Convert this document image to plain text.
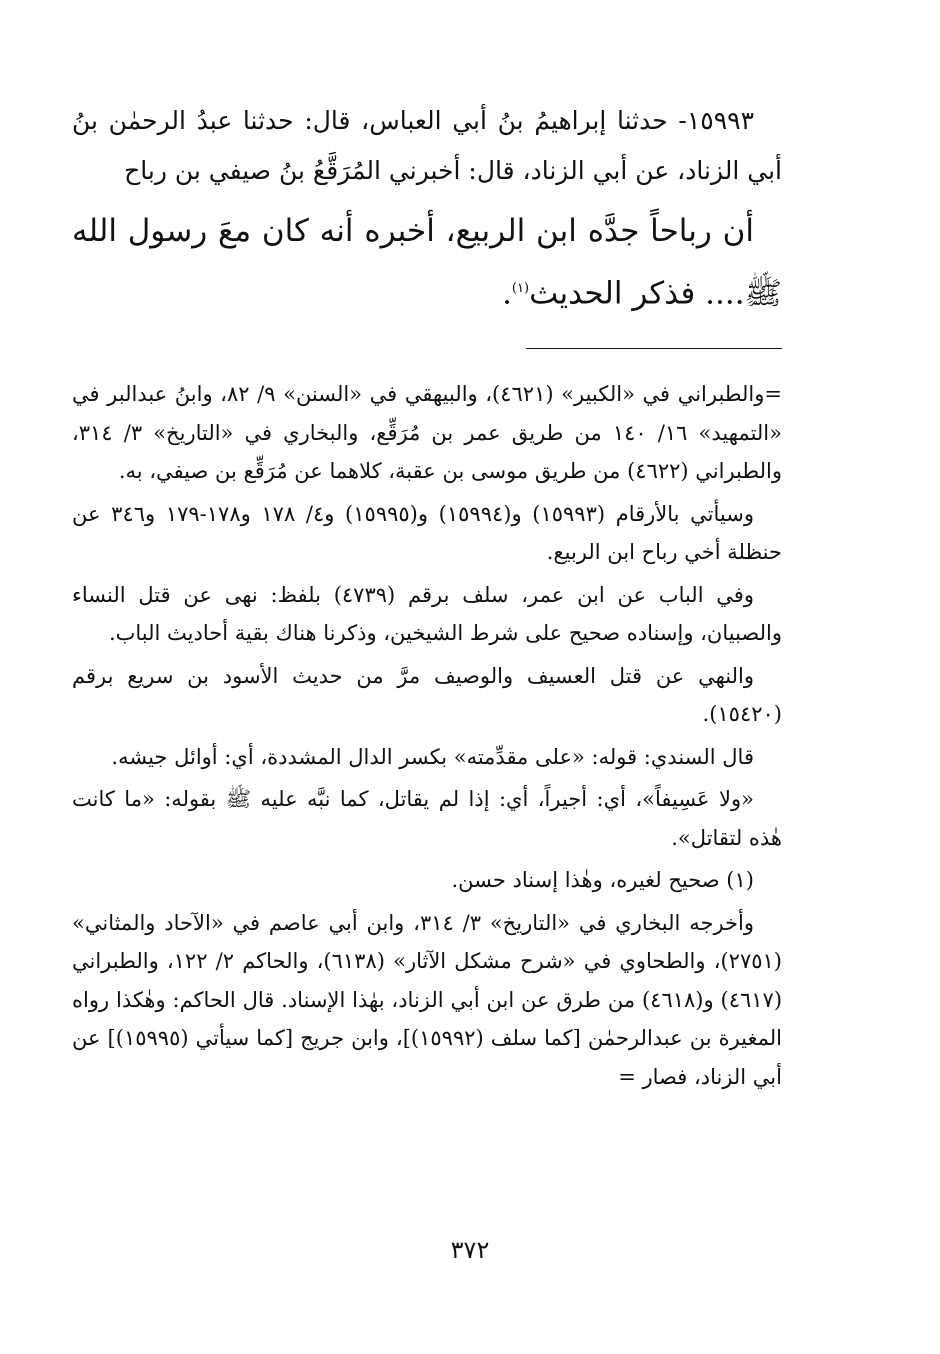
١٥٩٩٣- حدثنا إبراهيمُ بنُ أبي العباس، قال: حدثنا عبدُ الرحمٰن بنُ أبي الزناد، عن أبي الزناد، قال: أخبرني المُرَقَّعُ بنُ صيفي بن رباح

أن رباحاً جدَّه ابن الربيع، أخبره أنه كان معَ رسول الله ﷺ.... فذكر الحديث$^{(١)}$.

=والطبراني في «الكبير» (٤٦٢١)، والبيهقي في «السنن» ٩/ ٨٢، وابنُ عبدالبر في «التمهيد» ١٦/ ١٤٠ من طريق عمر بن مُرَقِّع، والبخاري في «التاريخ» ٣/ ٣١٤، والطبراني (٤٦٢٢) من طريق موسى بن عقبة، كلاهما عن مُرَقِّع بن صيفي، به.

وسيأتي بالأرقام (١٥٩٩٣) و(١٥٩٩٤) و(١٥٩٩٥) و٤/ ١٧٨ و١٧٨-١٧٩ و٣٤٦ عن حنظلة أخي رباح ابن الربيع.

وفي الباب عن ابن عمر، سلف برقم (٤٧٣٩) بلفظ: نهى عن قتل النساء والصبيان، وإسناده صحيح على شرط الشيخين، وذكرنا هناك بقية أحاديث الباب.

والنهي عن قتل العسيف والوصيف مرَّ من حديث الأسود بن سريع برقم (١٥٤٢٠).

قال السندي: قوله: «على مقدِّمته» بكسر الدال المشددة، أي: أوائل جيشه.

«ولا عَسِيفاً»، أي: أجيراً، أي: إذا لم يقاتل، كما نبَّه عليه ﷺ بقوله: «ما كانت هٰذه لتقاتل».

(١) صحيح لغيره، وهٰذا إسناد حسن.

وأخرجه البخاري في «التاريخ» ٣/ ٣١٤، وابن أبي عاصم في «الآحاد والمثاني» (٢٧٥١)، والطحاوي في «شرح مشكل الآثار» (٦١٣٨)، والحاكم ٢/ ١٢٢، والطبراني (٤٦١٧) و(٤٦١٨) من طرق عن ابن أبي الزناد، بهٰذا الإسناد. قال الحاكم: وهٰكذا رواه المغيرة بن عبدالرحمٰن [كما سلف (١٥٩٩٢)]، وابن جريج [كما سيأتي (١٥٩٩٥)] عن أبي الزناد، فصار =

٣٧٢
